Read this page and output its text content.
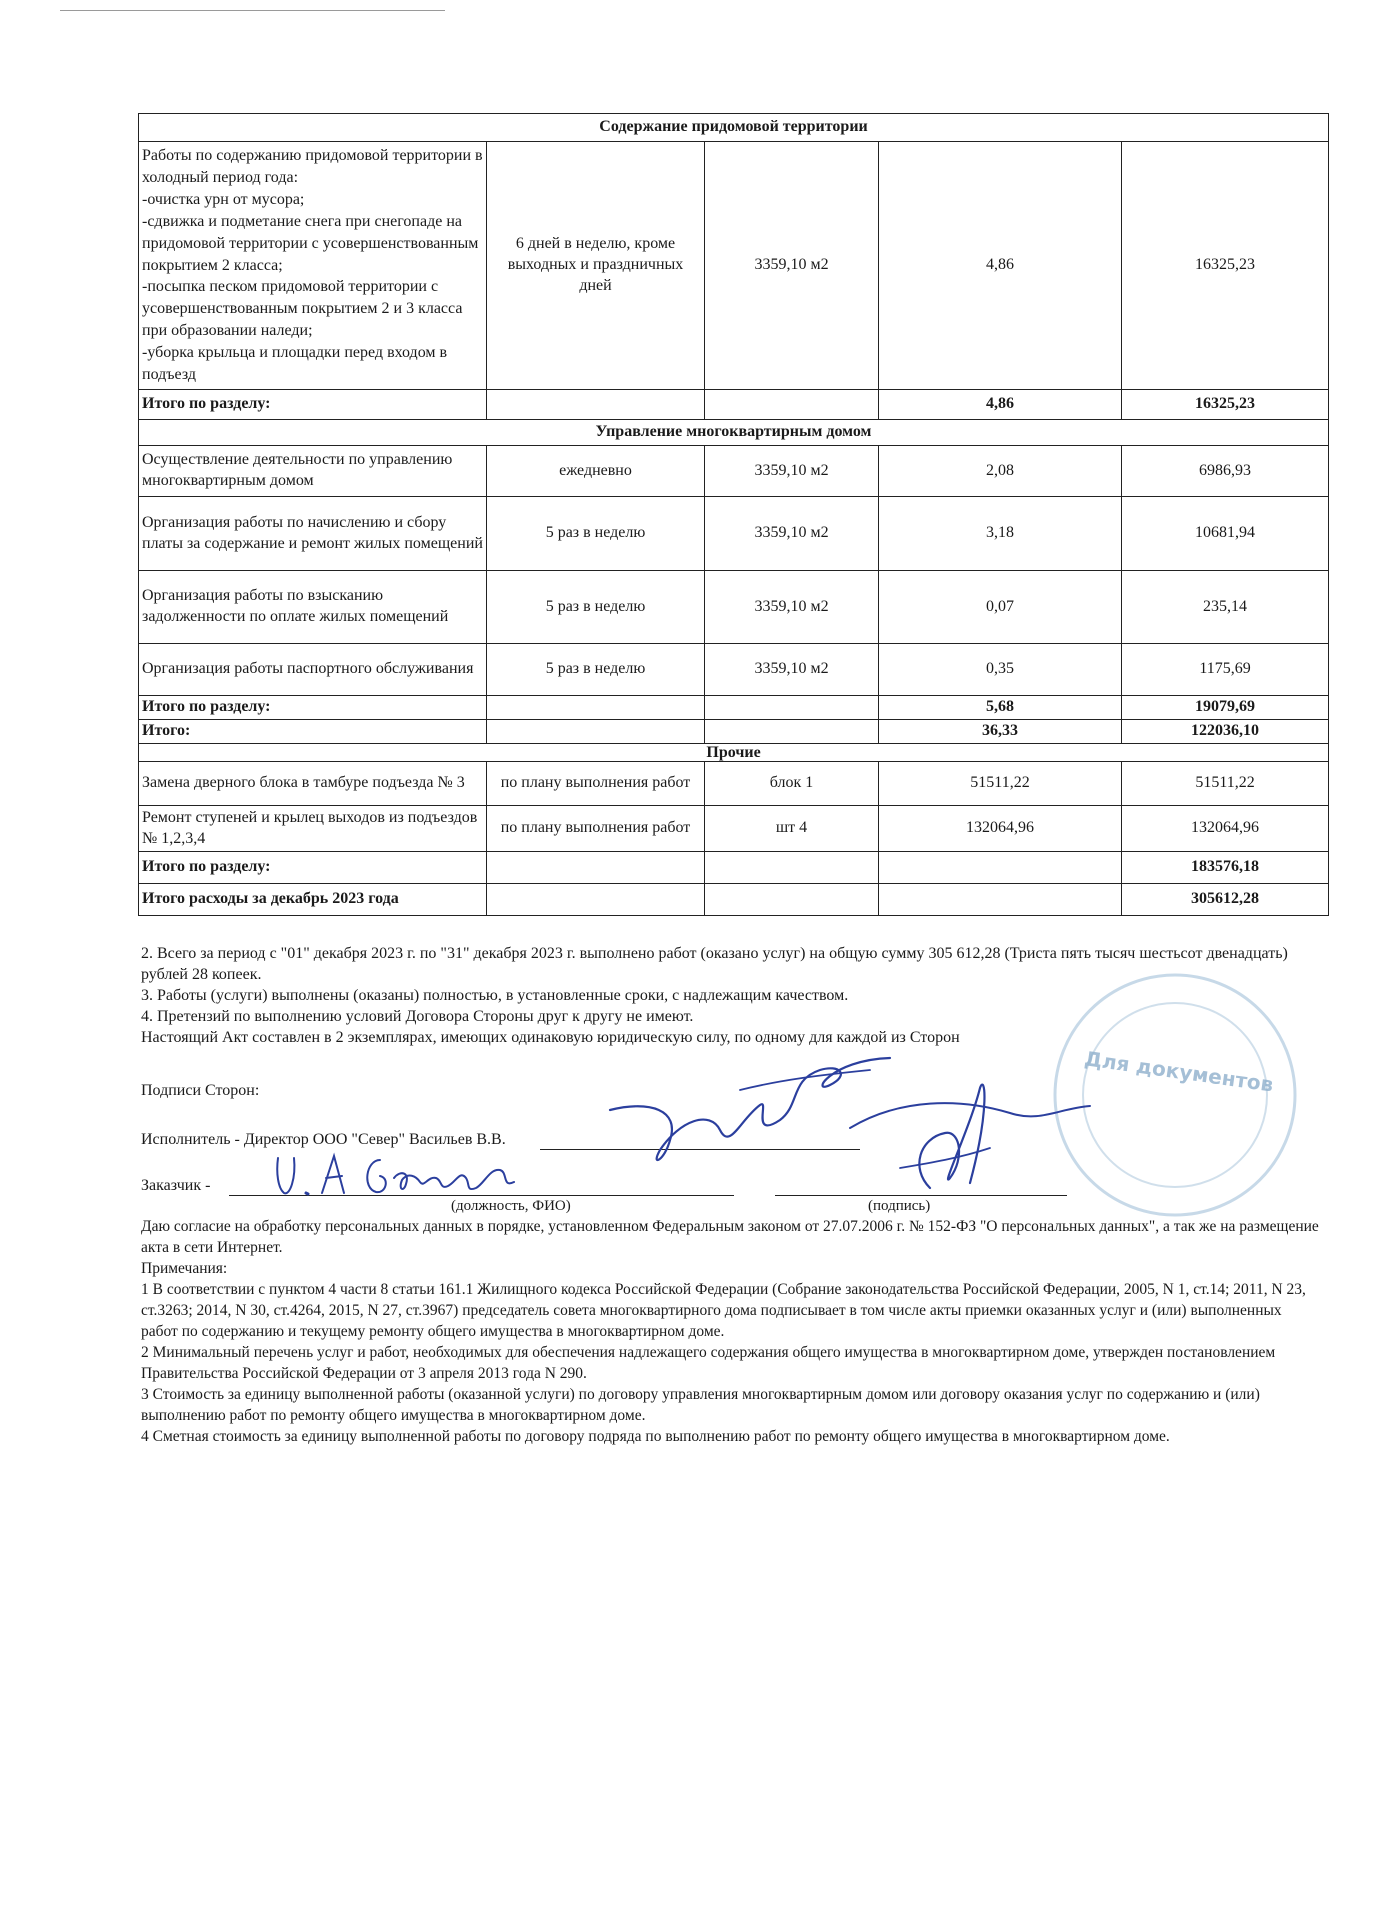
Содержание придомовой территории				
Работы по содержанию придомовой территории в холодный период года:
-очистка урн от мусора;
-сдвижка и подметание снега при снегопаде на придомовой территории с усовершенствованным покрытием 2 класса;
-посыпка песком придомовой территории с усовершенствованным покрытием 2 и 3 класса при образовании наледи;
-уборка крыльца и площадки перед входом в подъезд	6 дней в неделю, кроме выходных и праздничных дней	3359,10 м2	4,86	16325,23
Итого по разделу:			4,86	16325,23
Управление многоквартирным домом				
Осуществление деятельности по управлению многоквартирным домом	ежедневно	3359,10 м2	2,08	6986,93
Организация работы по начислению и сбору платы за содержание и ремонт жилых помещений	5 раз в неделю	3359,10 м2	3,18	10681,94
Организация работы по взысканию задолженности по оплате жилых помещений	5 раз в неделю	3359,10 м2	0,07	235,14
Организация работы паспортного обслуживания	5 раз в неделю	3359,10 м2	0,35	1175,69
Итого по разделу:			5,68	19079,69
Итого:			36,33	122036,10
Прочие				
Замена дверного блока в тамбуре подъезда № 3	по плану выполнения работ	блок 1	51511,22	51511,22
Ремонт ступеней и крылец выходов из подъездов № 1,2,3,4	по плану выполнения работ	шт 4	132064,96	132064,96
Итого по разделу:				183576,18
Итого расходы за декабрь 2023 года				305612,28

2. Всего за период с "01" декабря 2023 г. по "31" декабря 2023 г. выполнено работ (оказано услуг) на общую сумму 305 612,28 (Триста пять тысяч шестьсот двенадцать) рублей 28 копеек.

3. Работы (услуги) выполнены (оказаны) полностью, в установленные сроки, с надлежащим качеством.

4. Претензий по выполнению условий Договора Стороны друг к другу не имеют.

Настоящий Акт составлен в 2 экземплярах, имеющих одинаковую юридическую силу, по одному для каждой из Сторон

Для документов
Подписи Сторон:
Исполнитель - Директор ООО "Север" Васильев В.В.
Заказчик -
(должность, ФИО)	(подпись)

Даю согласие на обработку персональных данных в порядке, установленном Федеральным законом от 27.07.2006 г. № 152-ФЗ "О персональных данных", а так же на размещение акта в сети Интернет.

Примечания:

1 В соответствии с пунктом 4 части 8 статьи 161.1 Жилищного кодекса Российской Федерации (Собрание законодательства Российской Федерации, 2005, N 1, ст.14; 2011, N 23, ст.3263; 2014, N 30, ст.4264, 2015, N 27, ст.3967) председатель совета многоквартирного дома подписывает в том числе акты приемки оказанных услуг и (или) выполненных работ по содержанию и текущему ремонту общего имущества в многоквартирном доме.

2 Минимальный перечень услуг и работ, необходимых для обеспечения надлежащего содержания общего имущества в многоквартирном доме, утвержден постановлением Правительства Российской Федерации от 3 апреля 2013 года N 290.

3 Стоимость за единицу выполненной работы (оказанной услуги) по договору управления многоквартирным домом или договору оказания услуг по содержанию и (или) выполнению работ по ремонту общего имущества в многоквартирном доме.

4 Сметная стоимость за единицу выполненной работы по договору подряда по выполнению работ по ремонту общего имущества в многоквартирном доме.
